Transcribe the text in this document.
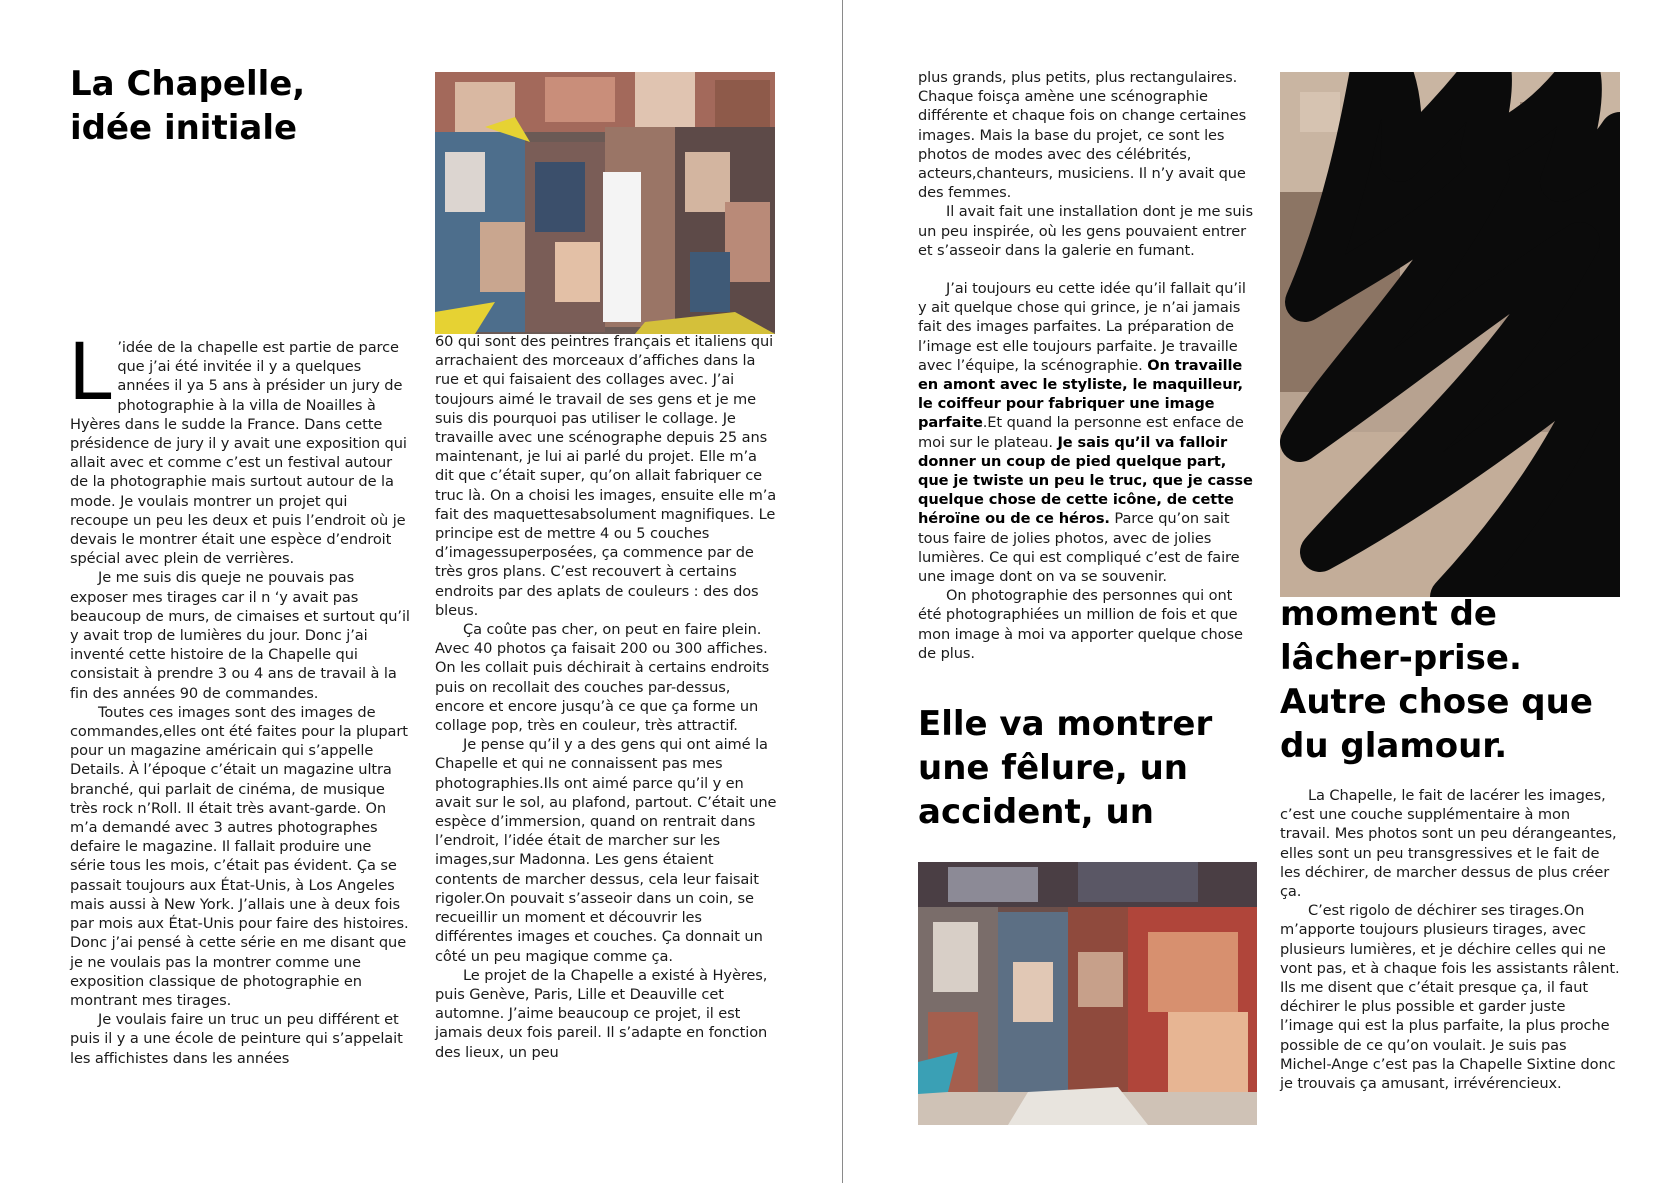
La Chapelle,
idée initiale

L ’idée de la chapelle est partie de parce que j’ai été invitée il y a quelques années il ya 5 ans à présider un jury de photographie à la villa de Noailles à Hyères dans le sudde la France. Dans cette présidence de jury il y avait une exposition qui allait avec et comme c’est un festival autour de la photographie mais surtout autour de la mode. Je voulais montrer un projet qui recoupe un peu les deux et puis l’endroit où je devais le montrer était une espèce d’endroit spécial avec plein de verrières.

Je me suis dis queje ne pouvais pas exposer mes tirages car il n ‘y avait pas beaucoup de murs, de cimaises et surtout qu’il y avait trop de lumières du jour. Donc j’ai inventé cette histoire de la Chapelle qui consistait à prendre 3 ou 4 ans de travail à la fin des années 90 de commandes.

Toutes ces images sont des images de commandes,elles ont été faites pour la plupart pour un magazine américain qui s’appelle Details. À l’époque c’était un magazine ultra branché, qui parlait de cinéma, de musique très rock n’Roll. Il était très avant-garde. On m’a demandé avec 3 autres photographes defaire le magazine. Il fallait produire une série tous les mois, c’était pas évident. Ça se passait toujours aux État-Unis, à Los Angeles mais aussi à New York. J’allais une à deux fois par mois aux État-Unis pour faire des histoires. Donc j’ai pensé à cette série en me disant que je ne voulais pas la montrer comme une exposition classique de photographie en montrant mes tirages.

Je voulais faire un truc un peu différent et puis il y a une école de peinture qui s’appelait les affichistes dans les années

60 qui sont des peintres français et italiens qui arrachaient des morceaux d’affiches dans la rue et qui faisaient des collages avec. J’ai toujours aimé le travail de ses gens et je me suis dis pourquoi pas utiliser le collage. Je travaille avec une scénographe depuis 25 ans maintenant, je lui ai parlé du projet. Elle m’a dit que c’était super, qu’on allait fabriquer ce truc là. On a choisi les images, ensuite elle m’a fait des maquettesabsolument magnifiques. Le principe est de mettre 4 ou 5 couches d’imagessuperposées, ça commence par de très gros plans. C’est recouvert à certains endroits par des aplats de couleurs : des dos bleus.

Ça coûte pas cher, on peut en faire plein. Avec 40 photos ça faisait 200 ou 300 affiches. On les collait puis déchirait à certains endroits puis on recollait des couches par-dessus, encore et encore jusqu’à ce que ça forme un collage pop, très en couleur, très attractif.

Je pense qu’il y a des gens qui ont aimé la Chapelle et qui ne connaissent pas mes photographies.Ils ont aimé parce qu’il y en avait sur le sol, au plafond, partout. C’était une espèce d’immersion, quand on rentrait dans l’endroit, l’idée était de marcher sur les images,sur Madonna. Les gens étaient contents de marcher dessus, cela leur faisait rigoler.On pouvait s’asseoir dans un coin, se recueillir un moment et découvrir les différentes images et couches. Ça donnait un côté un peu magique comme ça.

Le projet de la Chapelle a existé à Hyères, puis Genève, Paris, Lille et Deauville cet automne. J’aime beaucoup ce projet, il est jamais deux fois pareil. Il s’adapte en fonction des lieux, un peu

plus grands, plus petits, plus rectangulaires. Chaque foisça amène une scénographie différente et chaque fois on change certaines images. Mais la base du projet, ce sont les photos de modes avec des célébrités, acteurs,chanteurs, musiciens. Il n’y avait que des femmes.

Il avait fait une installation dont je me suis un peu inspirée, où les gens pouvaient entrer et s’asseoir dans la galerie en fumant.

J’ai toujours eu cette idée qu’il fallait qu’il y ait quelque chose qui grince, je n’ai jamais fait des images parfaites. La préparation de l’image est elle toujours parfaite. Je travaille avec l’équipe, la scénographie. On travaille en amont avec le styliste, le maquilleur, le coiffeur pour fabriquer une image parfaite.Et quand la personne est enface de moi sur le plateau. Je sais qu’il va falloir donner un coup de pied quelque part, que je twiste un peu le truc, que je casse quelque chose de cette icône, de cette héroïne ou de ce héros. Parce qu’on sait tous faire de jolies photos, avec de jolies lumières. Ce qui est compliqué c’est de faire une image dont on va se souvenir.

On photographie des personnes qui ont été photographiées un million de fois et que mon image à moi va apporter quelque chose de plus.

Elle va montrer
une fêlure, un
accident, un
moment de
lâcher-prise.
Autre chose que
du glamour.

La Chapelle, le fait de lacérer les images, c’est une couche supplémentaire à mon travail. Mes photos sont un peu dérangeantes, elles sont un peu transgressives et le fait de les déchirer, de marcher dessus de plus créer ça.

C’est rigolo de déchirer ses tirages.On m’apporte toujours plusieurs tirages, avec plusieurs lumières, et je déchire celles qui ne vont pas, et à chaque fois les assistants râlent. Ils me disent que c’était presque ça, il faut déchirer le plus possible et garder juste l’image qui est la plus parfaite, la plus proche possible de ce qu’on voulait. Je suis pas Michel-Ange c’est pas la Chapelle Sixtine donc je trouvais ça amusant, irrévérencieux.
